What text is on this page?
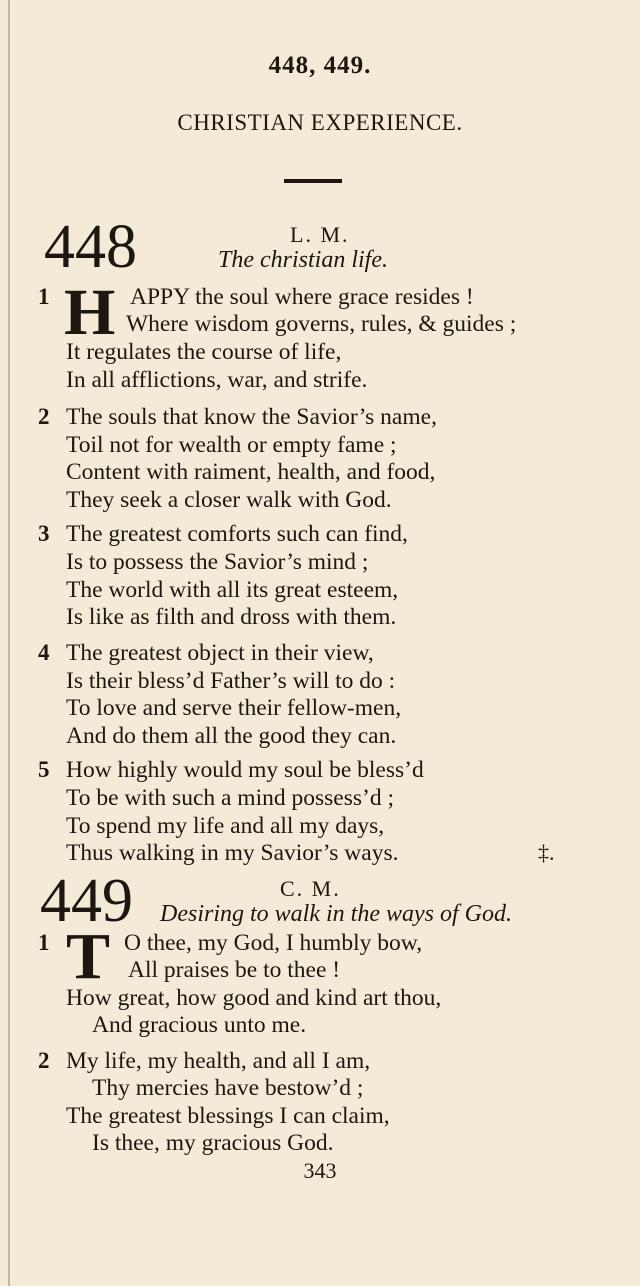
448, 449.
CHRISTIAN EXPERIENCE.
448	L. M.
The christian life.
1 H APPY the soul where grace resides !
Where wisdom governs, rules, & guides ;
It regulates the course of life,
In all afflictions, war, and strife.
2 The souls that know the Savior’s name,
Toil not for wealth or empty fame ;
Content with raiment, health, and food,
They seek a closer walk with God.
3 The greatest comforts such can find,
Is to possess the Savior’s mind ;
The world with all its great esteem,
Is like as filth and dross with them.
4 The greatest object in their view,
Is their bless’d Father’s will to do :
To love and serve their fellow-men,
And do them all the good they can.
5 How highly would my soul be bless’d
To be with such a mind possess’d ;
To spend my life and all my days,
Thus walking in my Savior’s ways.	‡.
449	C. M.
Desiring to walk in the ways of God.
1 T O thee, my God, I humbly bow,
All praises be to thee !
How great, how good and kind art thou,
And gracious unto me.
2 My life, my health, and all I am,
Thy mercies have bestow’d ;
The greatest blessings I can claim,
Is thee, my gracious God.
343
